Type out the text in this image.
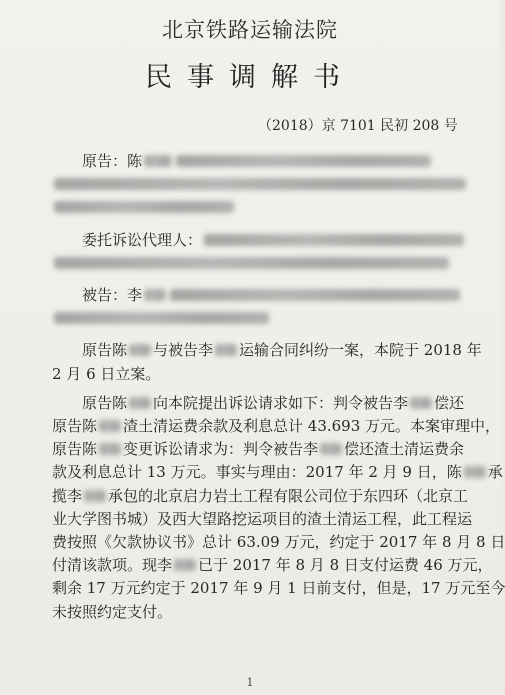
北京铁路运输法院
民事调解书
（2018）京 7101 民初 208 号
原告：陈
委托诉讼代理人：
被告：李
原告陈 与被告李 运输合同纠纷一案，本院于 2018 年
2 月 6 日立案。
原告陈 向本院提出诉讼请求如下：判令被告李 偿还
原告陈 渣土清运费余款及利息总计 43.693 万元。本案审理中，
原告陈 变更诉讼请求为：判令被告李 偿还渣土清运费余
款及利息总计 13 万元。事实与理由：2017 年 2 月 9 日，陈 承
揽李 承包的北京启力岩土工程有限公司位于东四环（北京工
业大学图书城）及西大望路挖运项目的渣土清运工程，此工程运
费按照《欠款协议书》总计 63.09 万元，约定于 2017 年 8 月 8 日
付清该款项。现李 已于 2017 年 8 月 8 日支付运费 46 万元，
剩余 17 万元约定于 2017 年 9 月 1 日前支付，但是，17 万元至今
未按照约定支付。
1
